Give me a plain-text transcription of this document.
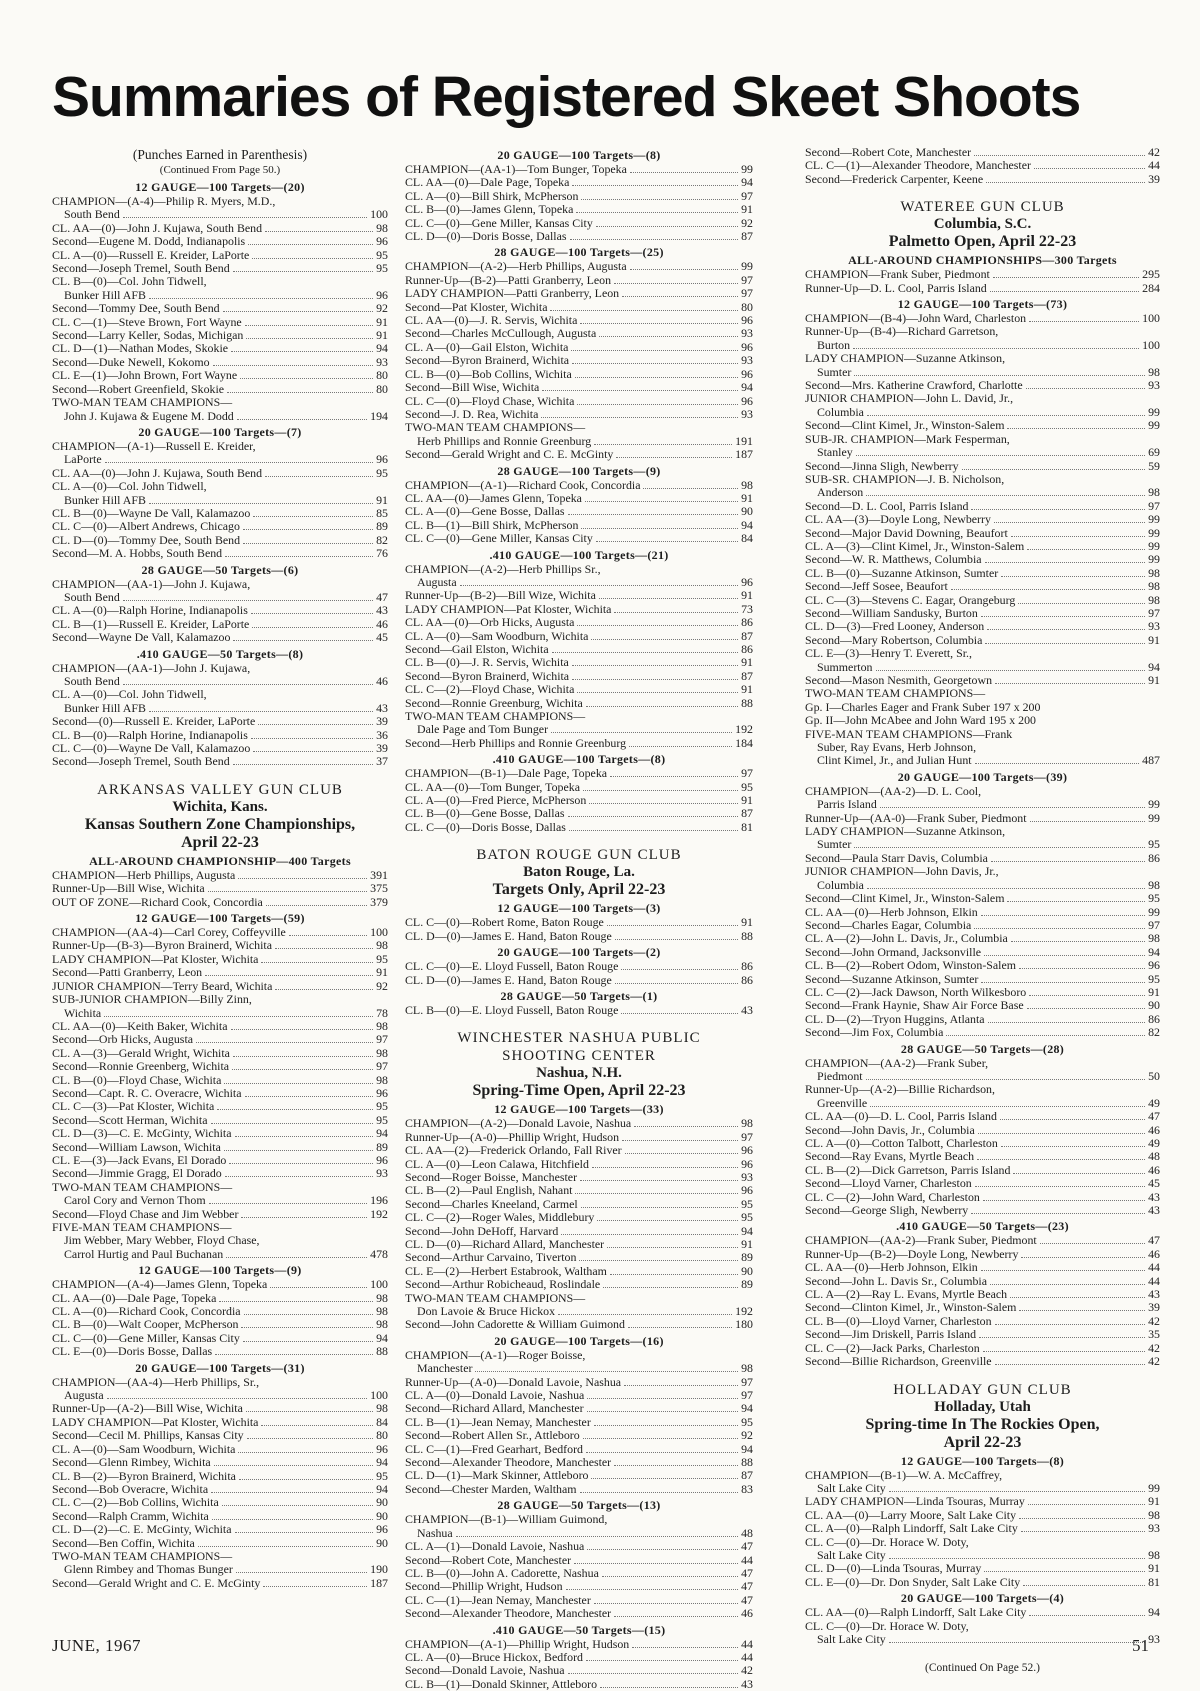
Summaries of Registered Skeet Shoots
(Punches Earned in Parenthesis)
(Continued From Page 50.)
12 GAUGE—100 Targets—(20)
CHAMPION—(A-4)—Philip R. Myers, M.D.,
South Bend	100
CL. AA—(0)—John J. Kujawa, South Bend	98
Second—Eugene M. Dodd, Indianapolis	96
CL. A—(0)—Russell E. Kreider, LaPorte	95
Second—Joseph Tremel, South Bend	95
CL. B—(0)—Col. John Tidwell,
Bunker Hill AFB	96
Second—Tommy Dee, South Bend	92
CL. C—(1)—Steve Brown, Fort Wayne	91
Second—Larry Keller, Sodas, Michigan	91
CL. D—(1)—Nathan Modes, Skokie	94
Second—Duke Newell, Kokomo	93
CL. E—(1)—John Brown, Fort Wayne	80
Second—Robert Greenfield, Skokie	80
TWO-MAN TEAM CHAMPIONS—
John J. Kujawa & Eugene M. Dodd	194
20 GAUGE—100 Targets—(7)
CHAMPION—(A-1)—Russell E. Kreider,
LaPorte	96
CL. AA—(0)—John J. Kujawa, South Bend	95
CL. A—(0)—Col. John Tidwell,
Bunker Hill AFB	91
CL. B—(0)—Wayne De Vall, Kalamazoo	85
CL. C—(0)—Albert Andrews, Chicago	89
CL. D—(0)—Tommy Dee, South Bend	82
Second—M. A. Hobbs, South Bend	76
28 GAUGE—50 Targets—(6)
CHAMPION—(AA-1)—John J. Kujawa,
South Bend	47
CL. A—(0)—Ralph Horine, Indianapolis	43
CL. B—(1)—Russell E. Kreider, LaPorte	46
Second—Wayne De Vall, Kalamazoo	45
.410 GAUGE—50 Targets—(8)
CHAMPION—(AA-1)—John J. Kujawa,
South Bend	46
CL. A—(0)—Col. John Tidwell,
Bunker Hill AFB	43
Second—(0)—Russell E. Kreider, LaPorte	39
CL. B—(0)—Ralph Horine, Indianapolis	36
CL. C—(0)—Wayne De Vall, Kalamazoo	39
Second—Joseph Tremel, South Bend	37
ARKANSAS VALLEY GUN CLUB
Wichita, Kans.
Kansas Southern Zone Championships,
April 22-23
ALL-AROUND CHAMPIONSHIP—400 Targets
CHAMPION—Herb Phillips, Augusta	391
Runner-Up—Bill Wise, Wichita	375
OUT OF ZONE—Richard Cook, Concordia	379
12 GAUGE—100 Targets—(59)
CHAMPION—(AA-4)—Carl Corey, Coffeyville	100
Runner-Up—(B-3)—Byron Brainerd, Wichita	98
LADY CHAMPION—Pat Kloster, Wichita	95
Second—Patti Granberry, Leon	91
JUNIOR CHAMPION—Terry Beard, Wichita	92
SUB-JUNIOR CHAMPION—Billy Zinn,
Wichita	78
CL. AA—(0)—Keith Baker, Wichita	98
Second—Orb Hicks, Augusta	97
CL. A—(3)—Gerald Wright, Wichita	98
Second—Ronnie Greenberg, Wichita	97
CL. B—(0)—Floyd Chase, Wichita	98
Second—Capt. R. C. Overacre, Wichita	96
CL. C—(3)—Pat Kloster, Wichita	95
Second—Scott Herman, Wichita	95
CL. D—(3)—C. E. McGinty, Wichita	94
Second—William Lawson, Wichita	89
CL. E—(3)—Jack Evans, El Dorado	96
Second—Jimmie Gragg, El Dorado	93
TWO-MAN TEAM CHAMPIONS—
Carol Cory and Vernon Thom	196
Second—Floyd Chase and Jim Webber	192
FIVE-MAN TEAM CHAMPIONS—
Jim Webber, Mary Webber, Floyd Chase,
Carrol Hurtig and Paul Buchanan	478
12 GAUGE—100 Targets—(9)
CHAMPION—(A-4)—James Glenn, Topeka	100
CL. AA—(0)—Dale Page, Topeka	98
CL. A—(0)—Richard Cook, Concordia	98
CL. B—(0)—Walt Cooper, McPherson	98
CL. C—(0)—Gene Miller, Kansas City	94
CL. E—(0)—Doris Bosse, Dallas	88
20 GAUGE—100 Targets—(31)
CHAMPION—(AA-4)—Herb Phillips, Sr.,
Augusta	100
Runner-Up—(A-2)—Bill Wise, Wichita	98
LADY CHAMPION—Pat Kloster, Wichita	84
Second—Cecil M. Phillips, Kansas City	80
CL. A—(0)—Sam Woodburn, Wichita	96
Second—Glenn Rimbey, Wichita	94
CL. B—(2)—Byron Brainerd, Wichita	95
Second—Bob Overacre, Wichita	94
CL. C—(2)—Bob Collins, Wichita	90
Second—Ralph Cramm, Wichita	90
CL. D—(2)—C. E. McGinty, Wichita	96
Second—Ben Coffin, Wichita	90
TWO-MAN TEAM CHAMPIONS—
Glenn Rimbey and Thomas Bunger	190
Second—Gerald Wright and C. E. McGinty	187
20 GAUGE—100 Targets—(8)
CHAMPION—(AA-1)—Tom Bunger, Topeka	99
CL. AA—(0)—Dale Page, Topeka	94
CL. A—(0)—Bill Shirk, McPherson	97
CL. B—(0)—James Glenn, Topeka	91
CL. C—(0)—Gene Miller, Kansas City	92
CL. D—(0)—Doris Bosse, Dallas	87
28 GAUGE—100 Targets—(25)
CHAMPION—(A-2)—Herb Phillips, Augusta	99
Runner-Up—(B-2)—Patti Granberry, Leon	97
LADY CHAMPION—Patti Granberry, Leon	97
Second—Pat Kloster, Wichita	80
CL. AA—(0)—J. R. Servis, Wichita	96
Second—Charles McCullough, Augusta	93
CL. A—(0)—Gail Elston, Wichita	96
Second—Byron Brainerd, Wichita	93
CL. B—(0)—Bob Collins, Wichita	96
Second—Bill Wise, Wichita	94
CL. C—(0)—Floyd Chase, Wichita	96
Second—J. D. Rea, Wichita	93
TWO-MAN TEAM CHAMPIONS—
Herb Phillips and Ronnie Greenburg	191
Second—Gerald Wright and C. E. McGinty	187
28 GAUGE—100 Targets—(9)
CHAMPION—(A-1)—Richard Cook, Concordia	98
CL. AA—(0)—James Glenn, Topeka	91
CL. A—(0)—Gene Bosse, Dallas	90
CL. B—(1)—Bill Shirk, McPherson	94
CL. C—(0)—Gene Miller, Kansas City	84
.410 GAUGE—100 Targets—(21)
CHAMPION—(A-2)—Herb Phillips Sr.,
Augusta	96
Runner-Up—(B-2)—Bill Wize, Wichita	91
LADY CHAMPION—Pat Kloster, Wichita	73
CL. AA—(0)—Orb Hicks, Augusta	86
CL. A—(0)—Sam Woodburn, Wichita	87
Second—Gail Elston, Wichita	86
CL. B—(0)—J. R. Servis, Wichita	91
Second—Byron Brainerd, Wichita	87
CL. C—(2)—Floyd Chase, Wichita	91
Second—Ronnie Greenburg, Wichita	88
TWO-MAN TEAM CHAMPIONS—
Dale Page and Tom Bunger	192
Second—Herb Phillips and Ronnie Greenburg	184
.410 GAUGE—100 Targets—(8)
CHAMPION—(B-1)—Dale Page, Topeka	97
CL. AA—(0)—Tom Bunger, Topeka	95
CL. A—(0)—Fred Pierce, McPherson	91
CL. B—(0)—Gene Bosse, Dallas	87
CL. C—(0)—Doris Bosse, Dallas	81
BATON ROUGE GUN CLUB
Baton Rouge, La.
Targets Only, April 22-23
12 GAUGE—100 Targets—(3)
CL. C—(0)—Robert Rome, Baton Rouge	91
CL. D—(0)—James E. Hand, Baton Rouge	88
20 GAUGE—100 Targets—(2)
CL. C—(0)—E. Lloyd Fussell, Baton Rouge	86
CL. D—(0)—James E. Hand, Baton Rouge	86
28 GAUGE—50 Targets—(1)
CL. B—(0)—E. Lloyd Fussell, Baton Rouge	43
WINCHESTER NASHUA PUBLIC
SHOOTING CENTER
Nashua, N.H.
Spring-Time Open, April 22-23
12 GAUGE—100 Targets—(33)
CHAMPION—(A-2)—Donald Lavoie, Nashua	98
Runner-Up—(A-0)—Phillip Wright, Hudson	97
CL. AA—(2)—Frederick Orlando, Fall River	96
CL. A—(0)—Leon Calawa, Hitchfield	96
Second—Roger Boisse, Manchester	93
CL. B—(2)—Paul English, Nahant	96
Second—Charles Kneeland, Carmel	95
CL. C—(2)—Roger Wales, Middlebury	95
Second—John DeHoff, Harvard	94
CL. D—(0)—Richard Allard, Manchester	91
Second—Arthur Carvaino, Tiverton	89
CL. E—(2)—Herbert Estabrook, Waltham	90
Second—Arthur Robicheaud, Roslindale	89
TWO-MAN TEAM CHAMPIONS—
Don Lavoie & Bruce Hickox	192
Second—John Cadorette & William Guimond	180
20 GAUGE—100 Targets—(16)
CHAMPION—(A-1)—Roger Boisse,
Manchester	98
Runner-Up—(A-0)—Donald Lavoie, Nashua	97
CL. A—(0)—Donald Lavoie, Nashua	97
Second—Richard Allard, Manchester	94
CL. B—(1)—Jean Nemay, Manchester	95
Second—Robert Allen Sr., Attleboro	92
CL. C—(1)—Fred Gearhart, Bedford	94
Second—Alexander Theodore, Manchester	88
CL. D—(1)—Mark Skinner, Attleboro	87
Second—Chester Marden, Waltham	83
28 GAUGE—50 Targets—(13)
CHAMPION—(B-1)—William Guimond,
Nashua	48
CL. A—(1)—Donald Lavoie, Nashua	47
Second—Robert Cote, Manchester	44
CL. B—(0)—John A. Cadorette, Nashua	47
Second—Phillip Wright, Hudson	47
CL. C—(1)—Jean Nemay, Manchester	47
Second—Alexander Theodore, Manchester	46
.410 GAUGE—50 Targets—(15)
CHAMPION—(A-1)—Phillip Wright, Hudson	44
CL. A—(0)—Bruce Hickox, Bedford	44
Second—Donald Lavoie, Nashua	42
CL. B—(1)—Donald Skinner, Attleboro	43
Second—Robert Cote, Manchester	42
CL. C—(1)—Alexander Theodore, Manchester	44
Second—Frederick Carpenter, Keene	39
WATEREE GUN CLUB
Columbia, S.C.
Palmetto Open, April 22-23
ALL-AROUND CHAMPIONSHIPS—300 Targets
CHAMPION—Frank Suber, Piedmont	295
Runner-Up—D. L. Cool, Parris Island	284
12 GAUGE—100 Targets—(73)
CHAMPION—(B-4)—John Ward, Charleston	100
Runner-Up—(B-4)—Richard Garretson,
Burton	100
LADY CHAMPION—Suzanne Atkinson,
Sumter	98
Second—Mrs. Katherine Crawford, Charlotte	93
JUNIOR CHAMPION—John L. David, Jr.,
Columbia	99
Second—Clint Kimel, Jr., Winston-Salem	99
SUB-JR. CHAMPION—Mark Fesperman,
Stanley	69
Second—Jinna Sligh, Newberry	59
SUB-SR. CHAMPION—J. B. Nicholson,
Anderson	98
Second—D. L. Cool, Parris Island	97
CL. AA—(3)—Doyle Long, Newberry	99
Second—Major David Downing, Beaufort	99
CL. A—(3)—Clint Kimel, Jr., Winston-Salem	99
Second—W. R. Matthews, Columbia	99
CL. B—(0)—Suzanne Atkinson, Sumter	98
Second—Jeff Sosee, Beaufort	98
CL. C—(3)—Stevens C. Eagar, Orangeburg	98
Second—William Sandusky, Burton	97
CL. D—(3)—Fred Looney, Anderson	93
Second—Mary Robertson, Columbia	91
CL. E—(3)—Henry T. Everett, Sr.,
Summerton	94
Second—Mason Nesmith, Georgetown	91
TWO-MAN TEAM CHAMPIONS—
Gp. I—Charles Eager and Frank Suber 197 x 200
Gp. II—John McAbee and John Ward 195 x 200
FIVE-MAN TEAM CHAMPIONS—Frank
Suber, Ray Evans, Herb Johnson,
Clint Kimel, Jr., and Julian Hunt	487
20 GAUGE—100 Targets—(39)
CHAMPION—(AA-2)—D. L. Cool,
Parris Island	99
Runner-Up—(AA-0)—Frank Suber, Piedmont	99
LADY CHAMPION—Suzanne Atkinson,
Sumter	95
Second—Paula Starr Davis, Columbia	86
JUNIOR CHAMPION—John Davis, Jr.,
Columbia	98
Second—Clint Kimel, Jr., Winston-Salem	95
CL. AA—(0)—Herb Johnson, Elkin	99
Second—Charles Eagar, Columbia	97
CL. A—(2)—John L. Davis, Jr., Columbia	98
Second—John Ormand, Jacksonville	94
CL. B—(2)—Robert Odom, Winston-Salem	96
Second—Suzanne Atkinson, Sumter	95
CL. C—(2)—Jack Dawson, North Wilkesboro	91
Second—Frank Haynie, Shaw Air Force Base	90
CL. D—(2)—Tryon Huggins, Atlanta	86
Second—Jim Fox, Columbia	82
28 GAUGE—50 Targets—(28)
CHAMPION—(AA-2)—Frank Suber,
Piedmont	50
Runner-Up—(A-2)—Billie Richardson,
Greenville	49
CL. AA—(0)—D. L. Cool, Parris Island	47
Second—John Davis, Jr., Columbia	46
CL. A—(0)—Cotton Talbott, Charleston	49
Second—Ray Evans, Myrtle Beach	48
CL. B—(2)—Dick Garretson, Parris Island	46
Second—Lloyd Varner, Charleston	45
CL. C—(2)—John Ward, Charleston	43
Second—George Sligh, Newberry	43
.410 GAUGE—50 Targets—(23)
CHAMPION—(AA-2)—Frank Suber, Piedmont	47
Runner-Up—(B-2)—Doyle Long, Newberry	46
CL. AA—(0)—Herb Johnson, Elkin	44
Second—John L. Davis Sr., Columbia	44
CL. A—(2)—Ray L. Evans, Myrtle Beach	43
Second—Clinton Kimel, Jr., Winston-Salem	39
CL. B—(0)—Lloyd Varner, Charleston	42
Second—Jim Driskell, Parris Island	35
CL. C—(2)—Jack Parks, Charleston	42
Second—Billie Richardson, Greenville	42
HOLLADAY GUN CLUB
Holladay, Utah
Spring-time In The Rockies Open,
April 22-23
12 GAUGE—100 Targets—(8)
CHAMPION—(B-1)—W. A. McCaffrey,
Salt Lake City	99
LADY CHAMPION—Linda Tsouras, Murray	91
CL. AA—(0)—Larry Moore, Salt Lake City	98
CL. A—(0)—Ralph Lindorff, Salt Lake City	93
CL. C—(0)—Dr. Horace W. Doty,
Salt Lake City	98
CL. D—(0)—Linda Tsouras, Murray	91
CL. E—(0)—Dr. Don Snyder, Salt Lake City	81
20 GAUGE—100 Targets—(4)
CL. AA—(0)—Ralph Lindorff, Salt Lake City	94
CL. C—(0)—Dr. Horace W. Doty,
Salt Lake City	93
(Continued On Page 52.)

JUNE, 1967	51
